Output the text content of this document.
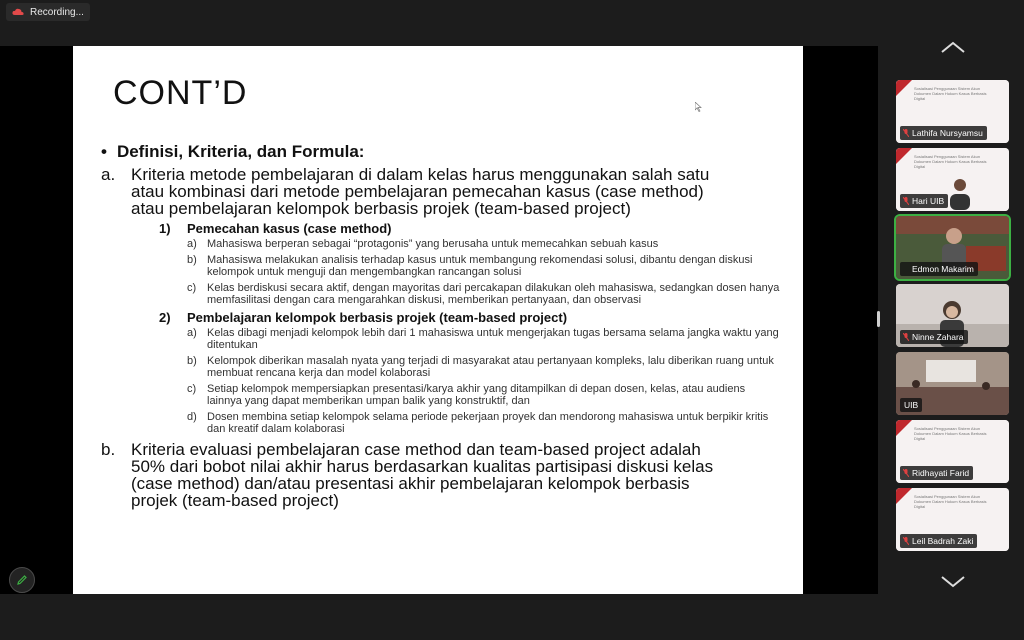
Recording...
CONT’D
• Definisi, Kriteria, dan Formula:
a. Kriteria metode pembelajaran di dalam kelas harus menggunakan salah satu
atau kombinasi dari metode pembelajaran pemecahan kasus (case method)
atau pembelajaran kelompok berbasis projek (team-based project)
1)	Pemecahan kasus (case method)
a) Mahasiswa berperan sebagai “protagonis” yang berusaha untuk memecahkan sebuah kasus
b) Mahasiswa melakukan analisis terhadap kasus untuk membangung rekomendasi solusi, dibantu dengan diskusi kelompok untuk menguji dan mengembangkan rancangan solusi
c) Kelas berdiskusi secara aktif, dengan mayoritas dari percakapan dilakukan oleh mahasiswa, sedangkan dosen hanya memfasilitasi dengan cara mengarahkan diskusi, memberikan pertanyaan, dan observasi
2)	Pembelajaran kelompok berbasis projek (team-based project)
a) Kelas dibagi menjadi kelompok lebih dari 1 mahasiswa untuk mengerjakan tugas bersama selama jangka waktu yang ditentukan
b) Kelompok diberikan masalah nyata yang terjadi di masyarakat atau pertanyaan kompleks, lalu diberikan ruang untuk membuat rencana kerja dan model kolaborasi
c) Setiap kelompok mempersiapkan presentasi/karya akhir yang ditampilkan di depan dosen, kelas, atau audiens lainnya yang dapat memberikan umpan balik yang konstruktif, dan
d) Dosen membina setiap kelompok selama periode pekerjaan proyek dan mendorong mahasiswa untuk berpikir kritis dan kreatif dalam kolaborasi
b. Kriteria evaluasi pembelajaran case method dan team-based project adalah
50% dari bobot nilai akhir harus berdasarkan kualitas partisipasi diskusi kelas
(case method) dan/atau presentasi akhir pembelajaran kelompok berbasis
projek (team-based project)
Sosialisasi Penggunaan Sistem Akun Dokumen Dalam Hukum Kasus Berbasis Digital
Lathifa Nursyamsu
Sosialisasi Penggunaan Sistem Akun Dokumen Dalam Hukum Kasus Berbasis Digital
Hari UIB
Edmon Makarim
Ninne Zahara
UIB
Sosialisasi Penggunaan Sistem Akun Dokumen Dalam Hukum Kasus Berbasis Digital
Ridhayati Farid
Sosialisasi Penggunaan Sistem Akun Dokumen Dalam Hukum Kasus Berbasis Digital
Leil Badrah Zaki
